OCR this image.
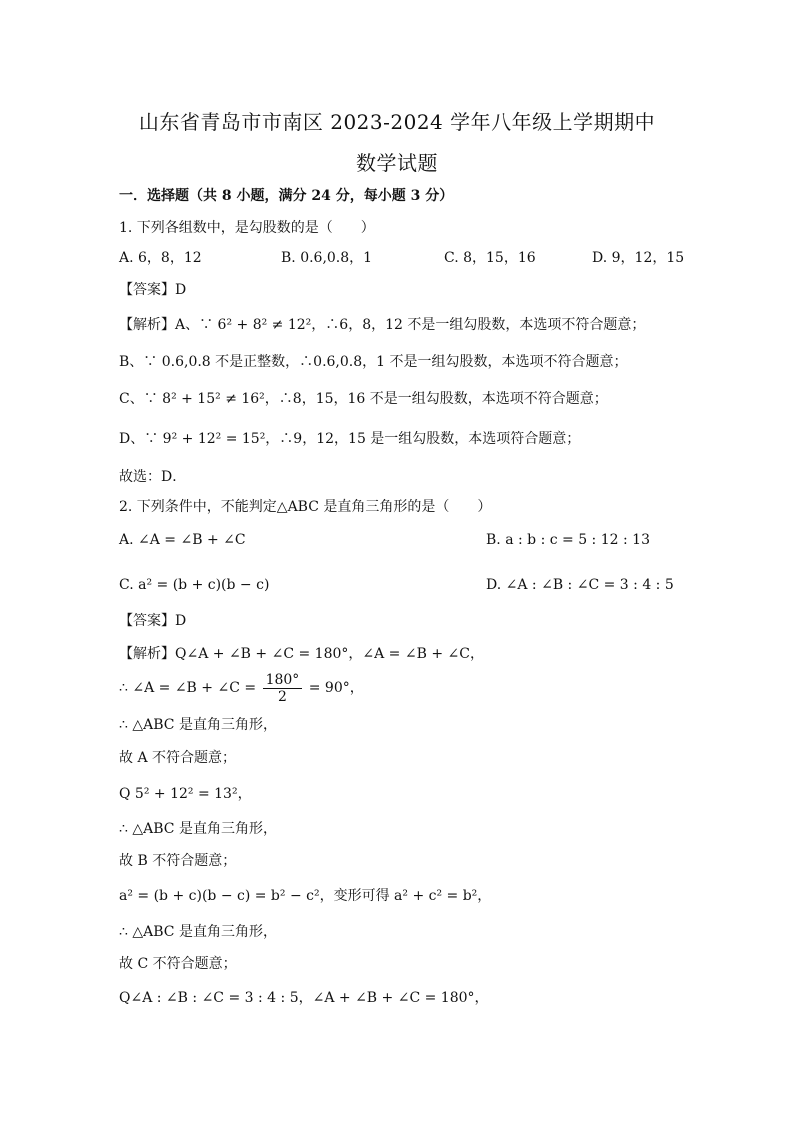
山东省青岛市市南区 2023-2024 学年八年级上学期期中
数学试题
一．选择题（共 8 小题，满分 24 分，每小题 3 分）
1. 下列各组数中，是勾股数的是（　　）
A. 6，8，12	B. 0.6,0.8，1	C. 8，15，16	D. 9，12，15
【答案】D
【解析】A、∵ 6² + 8² ≠ 12²，∴6，8，12 不是一组勾股数，本选项不符合题意；
B、∵ 0.6,0.8 不是正整数，∴0.6,0.8，1 不是一组勾股数，本选项不符合题意；
C、∵ 8² + 15² ≠ 16²，∴8，15，16 不是一组勾股数，本选项不符合题意；
D、∵ 9² + 12² = 15²，∴9，12，15 是一组勾股数，本选项符合题意；
故选：D．
2. 下列条件中，不能判定△ABC 是直角三角形的是（　　）
A. ∠A = ∠B + ∠C	B. a : b : c = 5 : 12 : 13
C. a² = (b + c)(b − c)	D. ∠A : ∠B : ∠C = 3 : 4 : 5
【答案】D
【解析】Q∠A + ∠B + ∠C = 180°，∠A = ∠B + ∠C，
∴ ∠A = ∠B + ∠C = $\frac{180^\circ}{2} = 90^\circ$，
∴ △ABC 是直角三角形，
故 A 不符合题意；
Q 5² + 12² = 13²，
∴ △ABC 是直角三角形，
故 B 不符合题意；
a² = (b + c)(b − c) = b² − c²，变形可得 a² + c² = b²，
∴ △ABC 是直角三角形，
故 C 不符合题意；
Q∠A : ∠B : ∠C = 3 : 4 : 5，∠A + ∠B + ∠C = 180°，
